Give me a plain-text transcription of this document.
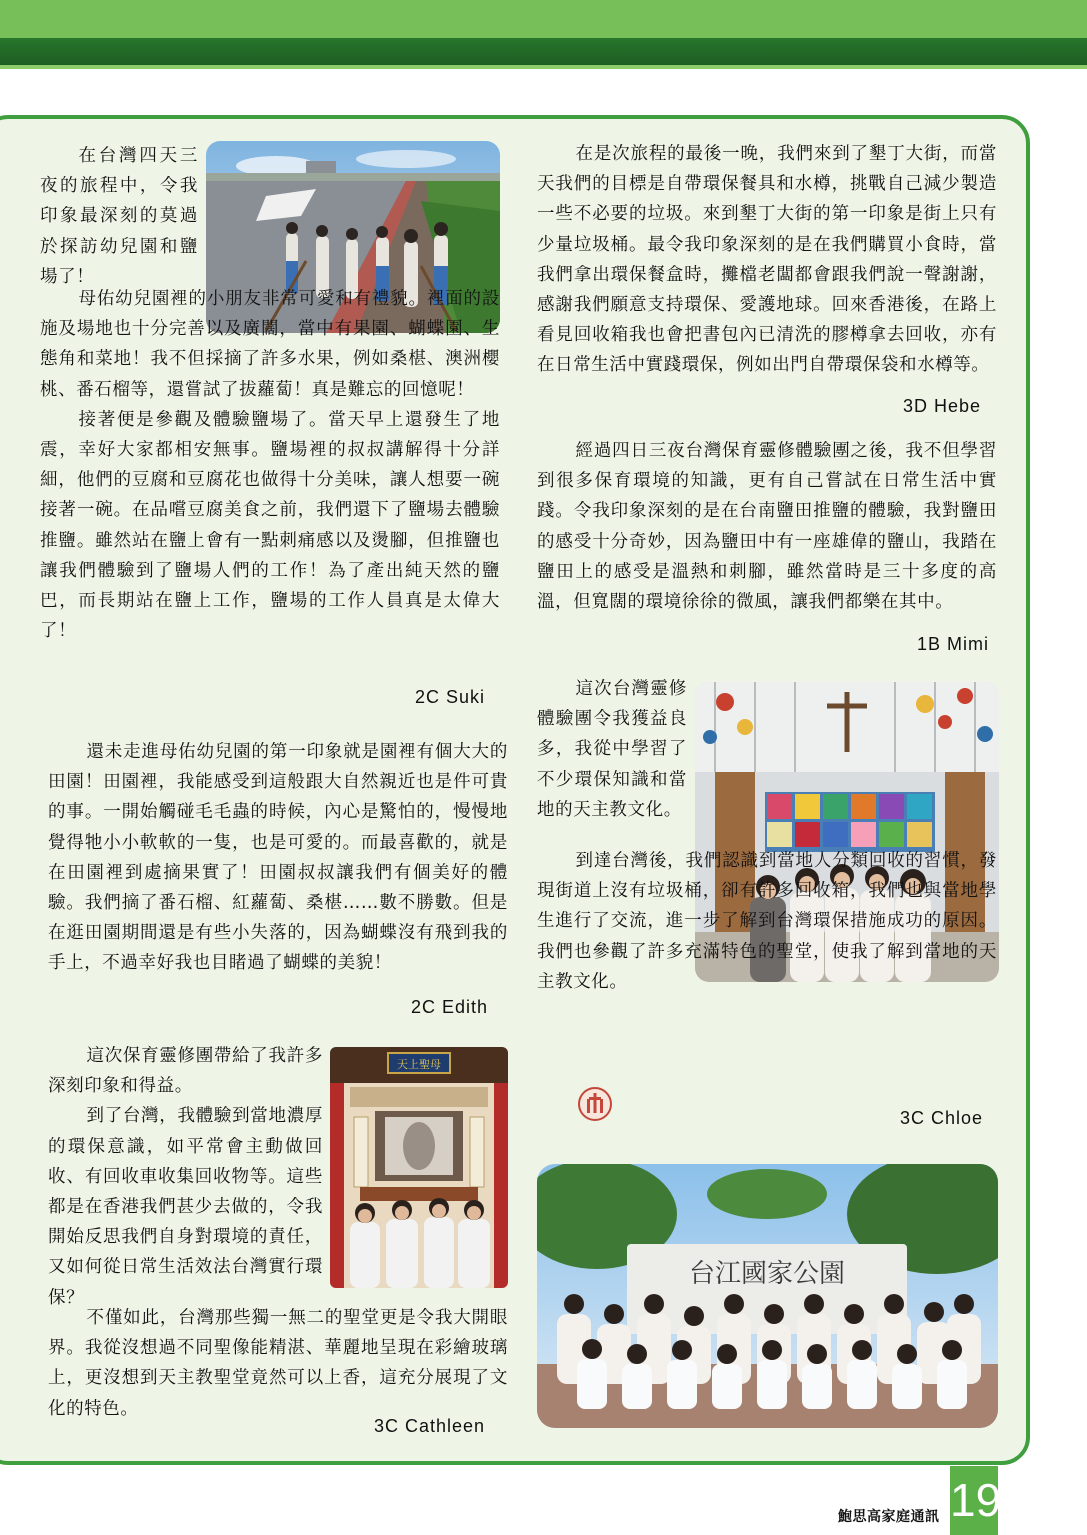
在台灣四天三夜的旅程中，令我印象最深刻的莫過於探訪幼兒園和鹽場了！

母佑幼兒園裡的小朋友非常可愛和有禮貌。裡面的設施及場地也十分完善以及廣闊，當中有果園、蝴蝶園、生態角和菜地！我不但採摘了許多水果，例如桑椹、澳洲櫻桃、番石榴等，還嘗試了拔蘿蔔！真是難忘的回憶呢！

接著便是參觀及體驗鹽場了。當天早上還發生了地震，幸好大家都相安無事。鹽場裡的叔叔講解得十分詳細，他們的豆腐和豆腐花也做得十分美味，讓人想要一碗接著一碗。在品嚐豆腐美食之前，我們還下了鹽場去體驗推鹽。雖然站在鹽上會有一點刺痛感以及燙腳，但推鹽也讓我們體驗到了鹽場人們的工作！為了產出純天然的鹽巴，而長期站在鹽上工作，鹽場的工作人員真是太偉大了！

2C Suki

還未走進母佑幼兒園的第一印象就是園裡有個大大的田園！田園裡，我能感受到這般跟大自然親近也是件可貴的事。一開始觸碰毛毛蟲的時候，內心是驚怕的，慢慢地覺得牠小小軟軟的一隻，也是可愛的。而最喜歡的，就是在田園裡到處摘果實了！田園叔叔讓我們有個美好的體驗。我們摘了番石榴、紅蘿蔔、桑椹……數不勝數。但是在逛田園期間還是有些小失落的，因為蝴蝶沒有飛到我的手上，不過幸好我也目睹過了蝴蝶的美貌！

2C Edith
天上聖母

這次保育靈修團帶給了我許多深刻印象和得益。

到了台灣，我體驗到當地濃厚的環保意識，如平常會主動做回收、有回收車收集回收物等。這些都是在香港我們甚少去做的，令我開始反思我們自身對環境的責任，又如何從日常生活效法台灣實行環保？

不僅如此，台灣那些獨一無二的聖堂更是令我大開眼界。我從沒想過不同聖像能精湛、華麗地呈現在彩繪玻璃上，更沒想到天主教聖堂竟然可以上香，這充分展現了文化的特色。

3C Cathleen

在是次旅程的最後一晚，我們來到了墾丁大街，而當天我們的目標是自帶環保餐具和水樽，挑戰自己減少製造一些不必要的垃圾。來到墾丁大街的第一印象是街上只有少量垃圾桶。最令我印象深刻的是在我們購買小食時，當我們拿出環保餐盒時，攤檔老闆都會跟我們說一聲謝謝，感謝我們願意支持環保、愛護地球。回來香港後，在路上看見回收箱我也會把書包內已清洗的膠樽拿去回收，亦有在日常生活中實踐環保，例如出門自帶環保袋和水樽等。

3D Hebe

經過四日三夜台灣保育靈修體驗團之後，我不但學習到很多保育環境的知識，更有自己嘗試在日常生活中實踐。令我印象深刻的是在台南鹽田推鹽的體驗，我對鹽田的感受十分奇妙，因為鹽田中有一座雄偉的鹽山，我踏在鹽田上的感受是溫熱和刺腳，雖然當時是三十多度的高溫，但寬闊的環境徐徐的微風，讓我們都樂在其中。

1B Mimi

這次台灣靈修體驗團令我獲益良多，我從中學習了不少環保知識和當地的天主教文化。

到達台灣後，我們認識到當地人分類回收的習慣，發現街道上沒有垃圾桶，卻有許多回收箱，我們也與當地學生進行了交流，進一步了解到台灣環保措施成功的原因。我們也參觀了許多充滿特色的聖堂，使我了解到當地的天主教文化。

3C Chloe
台江國家公園
鮑思高家庭通訊 19
